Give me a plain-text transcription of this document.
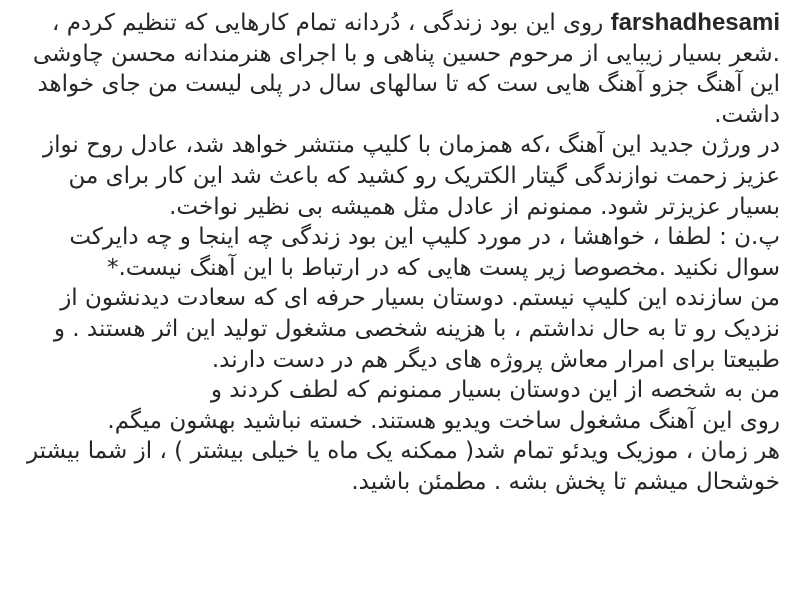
farshadhesami روی این بود زندگی ، دُردانه تمام کارهایی که تنظیم کردم ،
.شعر بسیار زیبایی از مرحوم حسین پناهی و با اجرای هنرمندانه محسن چاوشی
این آهنگ جزو آهنگ هایی ست که تا سالهای سال در پلی لیست من جای خواهد
داشت.
در ورژن جدید این آهنگ ،که همزمان با کلیپ منتشر خواهد شد، عادل روح نواز
عزیز زحمت نوازندگی گیتار الکتریک رو کشید که باعث شد این کار برای من
بسیار عزیزتر شود. ممنونم از عادل مثل همیشه بی نظیر نواخت.
پ.ن : لطفا ، خواهشا ، در مورد کلیپ این بود زندگی چه اینجا و چه دایرکت
سوال نکنید .مخصوصا زیر پست هایی که در ارتباط با این آهنگ نیست.*
من سازنده این کلیپ نیستم. دوستان بسیار حرفه ای که سعادت دیدنشون از
نزدیک رو تا به حال نداشتم ، با هزینه شخصی مشغول تولید این اثر هستند . و
طبیعتا برای امرار معاش پروژه های دیگر هم در دست دارند.
من به شخصه از این دوستان بسیار ممنونم که لطف کردند و
روی این آهنگ مشغول ساخت ویدیو هستند. خسته نباشید بهشون میگم.
هر زمان ، موزیک ویدئو تمام شد( ممکنه یک ماه یا خیلی بیشتر ) ، از شما بیشتر
خوشحال میشم تا پخش بشه . مطمئن باشید.
